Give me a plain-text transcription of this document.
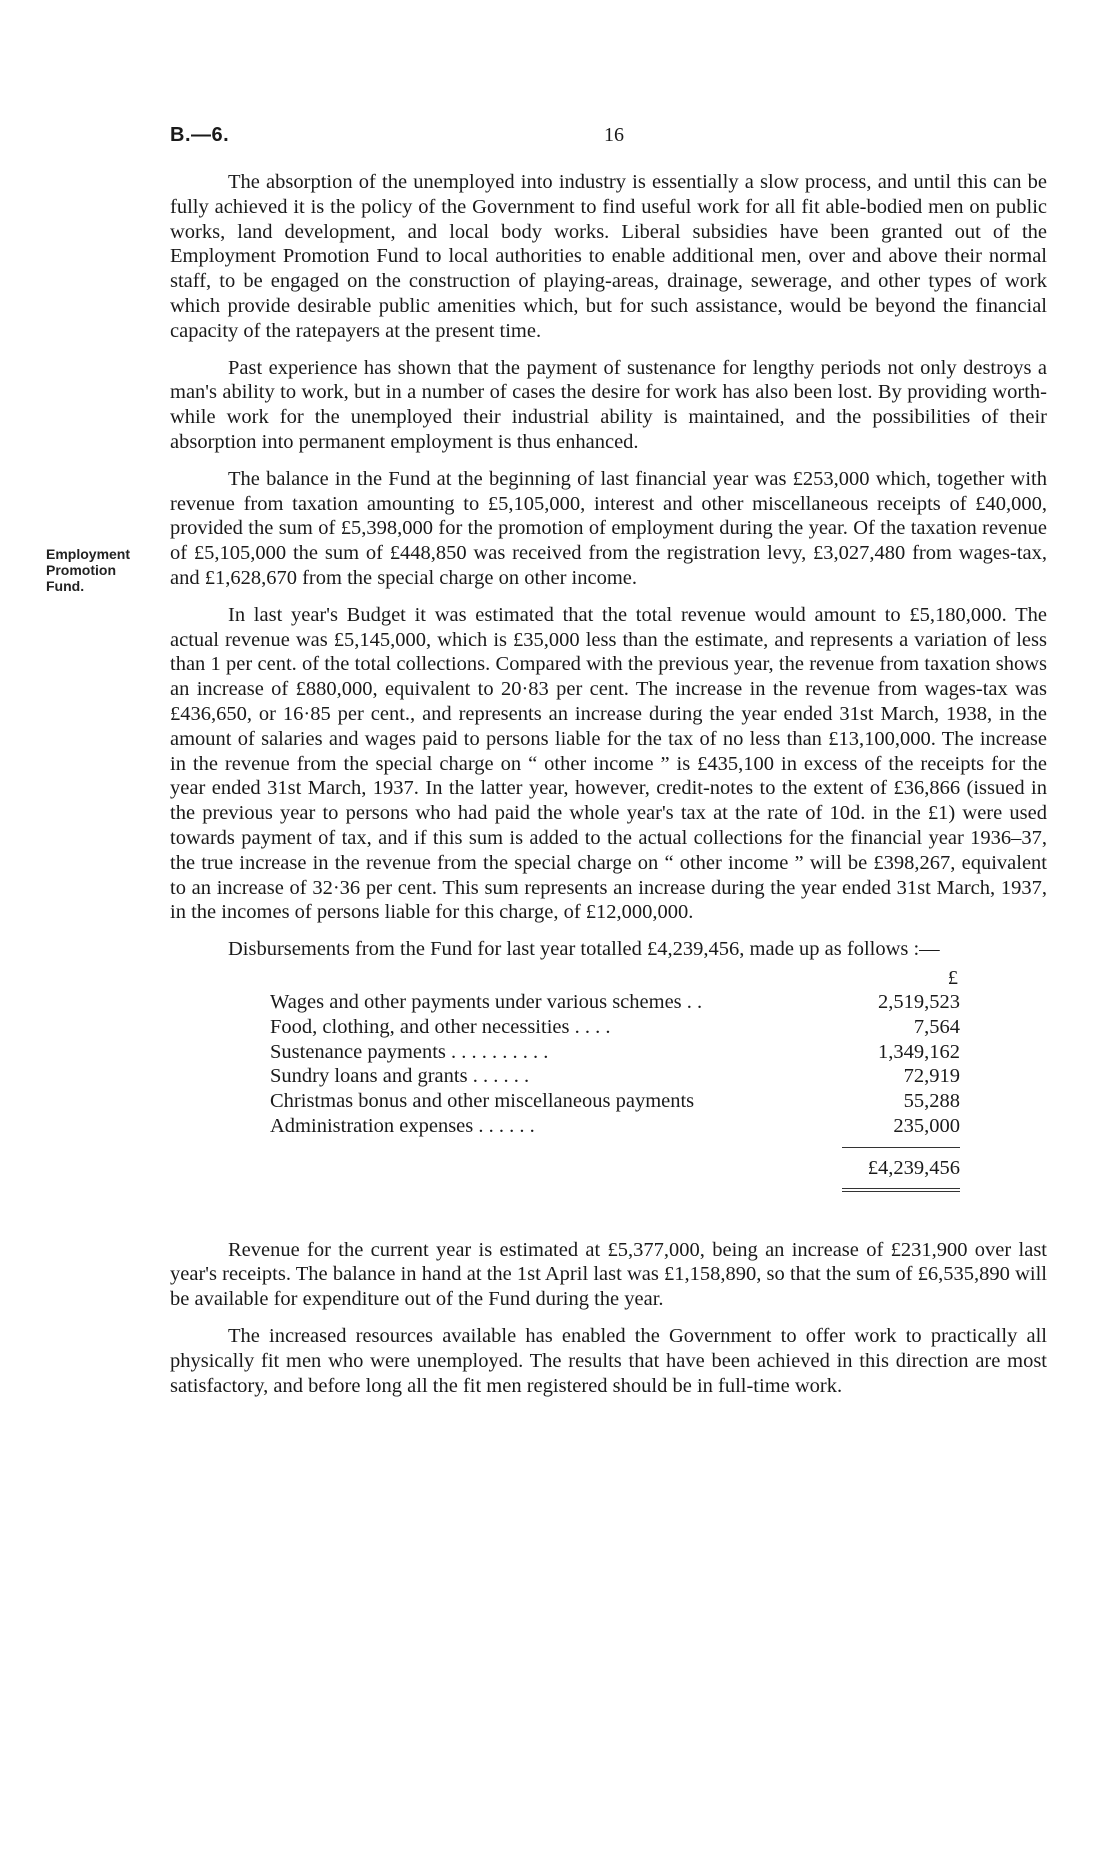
B.—6.	16
Employment
Promotion
Fund.

The absorption of the unemployed into industry is essentially a slow process, and until this can be fully achieved it is the policy of the Government to find useful work for all fit able-bodied men on public works, land development, and local body works. Liberal subsidies have been granted out of the Employment Promotion Fund to local authorities to enable additional men, over and above their normal staff, to be engaged on the construction of playing-areas, drainage, sewerage, and other types of work which provide desirable public amenities which, but for such assistance, would be beyond the financial capacity of the ratepayers at the present time.

Past experience has shown that the payment of sustenance for lengthy periods not only destroys a man's ability to work, but in a number of cases the desire for work has also been lost. By providing worth-while work for the unemployed their industrial ability is maintained, and the possibilities of their absorption into permanent employment is thus enhanced.

The balance in the Fund at the beginning of last financial year was £253,000 which, together with revenue from taxation amounting to £5,105,000, interest and other miscellaneous receipts of £40,000, provided the sum of £5,398,000 for the promotion of employment during the year. Of the taxation revenue of £5,105,000 the sum of £448,850 was received from the registration levy, £3,027,480 from wages-tax, and £1,628,670 from the special charge on other income.

In last year's Budget it was estimated that the total revenue would amount to £5,180,000. The actual revenue was £5,145,000, which is £35,000 less than the estimate, and represents a variation of less than 1 per cent. of the total collections. Compared with the previous year, the revenue from taxation shows an increase of £880,000, equivalent to 20·83 per cent. The increase in the revenue from wages-tax was £436,650, or 16·85 per cent., and represents an increase during the year ended 31st March, 1938, in the amount of salaries and wages paid to persons liable for the tax of no less than £13,100,000. The increase in the revenue from the special charge on “ other income ” is £435,100 in excess of the receipts for the year ended 31st March, 1937. In the latter year, however, credit-notes to the extent of £36,866 (issued in the previous year to persons who had paid the whole year's tax at the rate of 10d. in the £1) were used towards payment of tax, and if this sum is added to the actual collections for the financial year 1936–37, the true increase in the revenue from the special charge on “ other income ” will be £398,267, equivalent to an increase of 32·36 per cent. This sum represents an increase during the year ended 31st March, 1937, in the incomes of persons liable for this charge, of £12,000,000.

Disbursements from the Fund for last year totalled £4,239,456, made up as follows :—

£
Wages and other payments under various schemes . .	2,519,523
Food, clothing, and other necessities . . . .	7,564
Sustenance payments . . . . . . . . . .	1,349,162
Sundry loans and grants . . . . . .	72,919
Christmas bonus and other miscellaneous payments	55,288
Administration expenses . . . . . .	235,000
£4,239,456

Revenue for the current year is estimated at £5,377,000, being an increase of £231,900 over last year's receipts. The balance in hand at the 1st April last was £1,158,890, so that the sum of £6,535,890 will be available for expenditure out of the Fund during the year.

The increased resources available has enabled the Government to offer work to practically all physically fit men who were unemployed. The results that have been achieved in this direction are most satisfactory, and before long all the fit men registered should be in full-time work.
